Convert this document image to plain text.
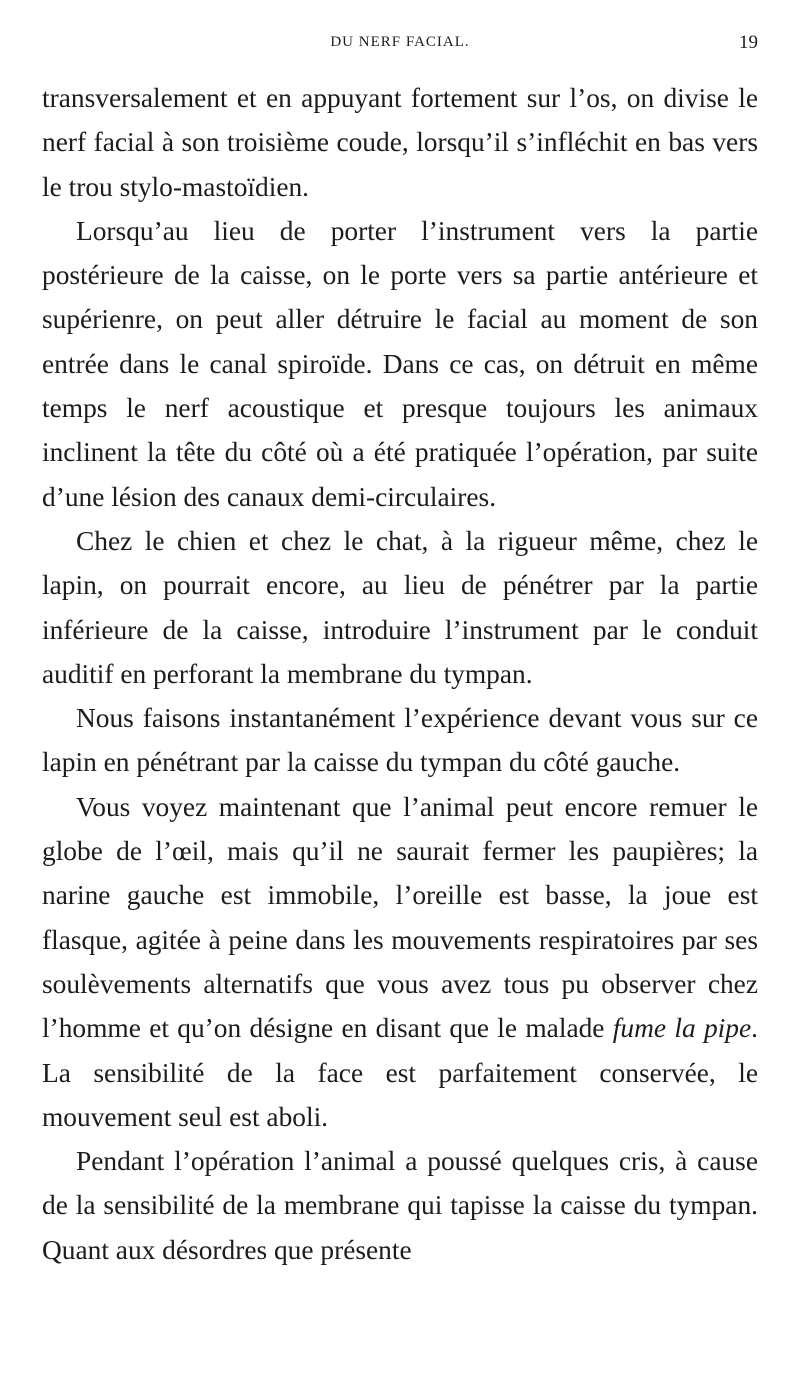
DU NERF FACIAL.	19

transversalement et en appuyant fortement sur l’os, on divise le nerf facial à son troisième coude, lorsqu’il s’infléchit en bas vers le trou stylo-mastoïdien.

Lorsqu’au lieu de porter l’instrument vers la partie postérieure de la caisse, on le porte vers sa partie antérieure et supérienre, on peut aller détruire le facial au moment de son entrée dans le canal spiroïde. Dans ce cas, on détruit en même temps le nerf acoustique et presque toujours les animaux inclinent la tête du côté où a été pratiquée l’opération, par suite d’une lésion des canaux demi-circulaires.

Chez le chien et chez le chat, à la rigueur même, chez le lapin, on pourrait encore, au lieu de pénétrer par la partie inférieure de la caisse, introduire l’instrument par le conduit auditif en perforant la membrane du tympan.

Nous faisons instantanément l’expérience devant vous sur ce lapin en pénétrant par la caisse du tympan du côté gauche.

Vous voyez maintenant que l’animal peut encore remuer le globe de l’œil, mais qu’il ne saurait fermer les paupières; la narine gauche est immobile, l’oreille est basse, la joue est flasque, agitée à peine dans les mouvements respiratoires par ses soulèvements alternatifs que vous avez tous pu observer chez l’homme et qu’on désigne en disant que le malade fume la pipe. La sensibilité de la face est parfaitement conservée, le mouvement seul est aboli.

Pendant l’opération l’animal a poussé quelques cris, à cause de la sensibilité de la membrane qui tapisse la caisse du tympan. Quant aux désordres que présente
